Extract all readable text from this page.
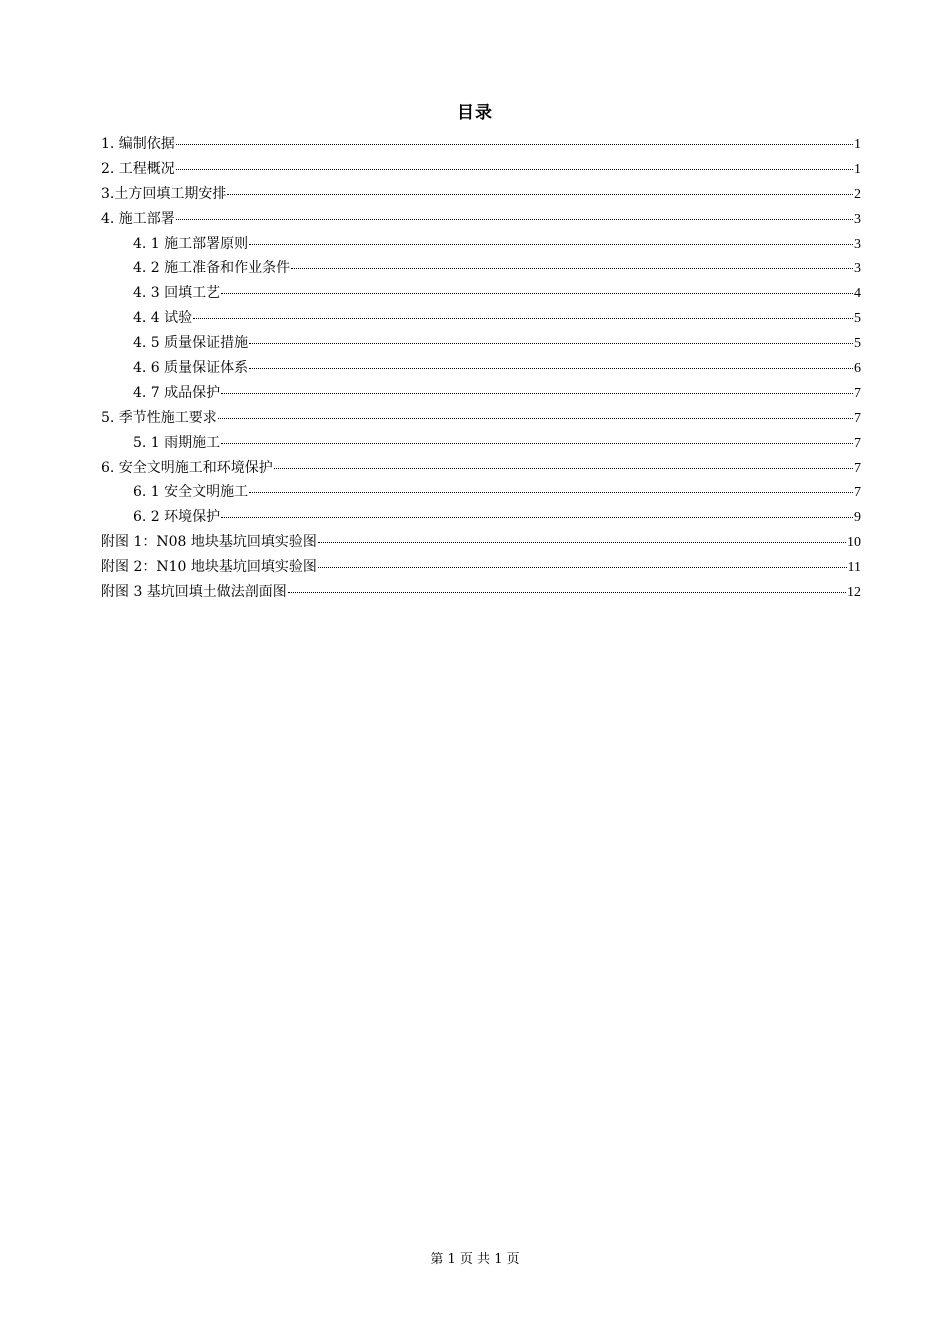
目录
1. 编制依据	1
2. 工程概况	1
3.土方回填工期安排	2
4. 施工部署	3
4. 1 施工部署原则	3
4. 2 施工准备和作业条件	3
4. 3 回填工艺	4
4. 4 试验	5
4. 5 质量保证措施	5
4. 6 质量保证体系	6
4. 7 成品保护	7
5. 季节性施工要求	7
5. 1 雨期施工	7
6. 安全文明施工和环境保护	7
6. 1 安全文明施工	7
6. 2 环境保护	9
附图 1：N08 地块基坑回填实验图	10
附图 2：N10 地块基坑回填实验图	11
附图 3 基坑回填土做法剖面图	12
第 1 页 共 1 页
